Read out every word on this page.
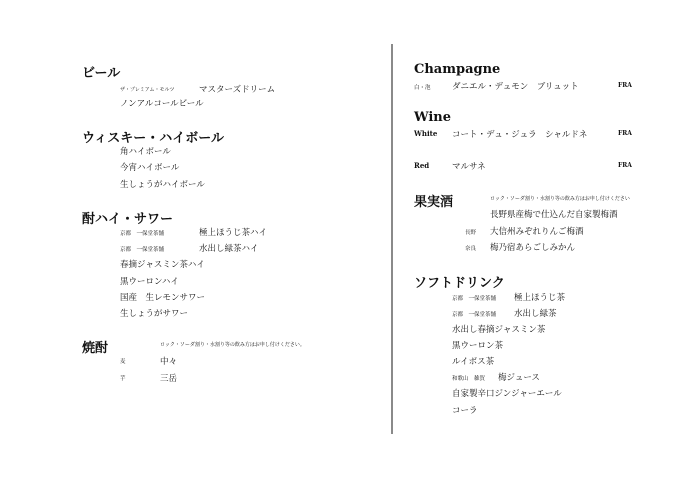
ビール
ザ・プレミアム・モルツ	マスターズドリーム
ノンアルコールビール
ウィスキー・ハイボール
角ハイボール
今宵ハイボール
生しょうがハイボール
酎ハイ・サワー
京都　一保堂茶舗	極上ほうじ茶ハイ
京都　一保堂茶舗	水出し緑茶ハイ
春摘ジャスミン茶ハイ
黒ウーロンハイ
国産　生レモンサワー
生しょうがサワー
焼酎	ロック・ソーダ割り・水割り等の飲み方はお申し付けください。
麦	中々
芋	三岳
Champagne
白・泡	ダニエル・デュモン　ブリュット	FRA
Wine
White コート・デュ・ジュラ　シャルドネ	FRA
Red	マルサネ	FRA
果実酒	ロック・ソーダ割り・水割り等の飲み方はお申し付けください
長野県産梅で仕込んだ自家製梅酒
長野 大信州みぞれりんご梅酒
奈良 梅乃宿あらごしみかん
ソフトドリンク
京都　一保堂茶舗 極上ほうじ茶
京都　一保堂茶舗 水出し緑茶
水出し春摘ジャスミン茶
黒ウーロン茶
ルイボス茶
和歌山　雑賀 梅ジュース
自家製辛口ジンジャーエール
コーラ
